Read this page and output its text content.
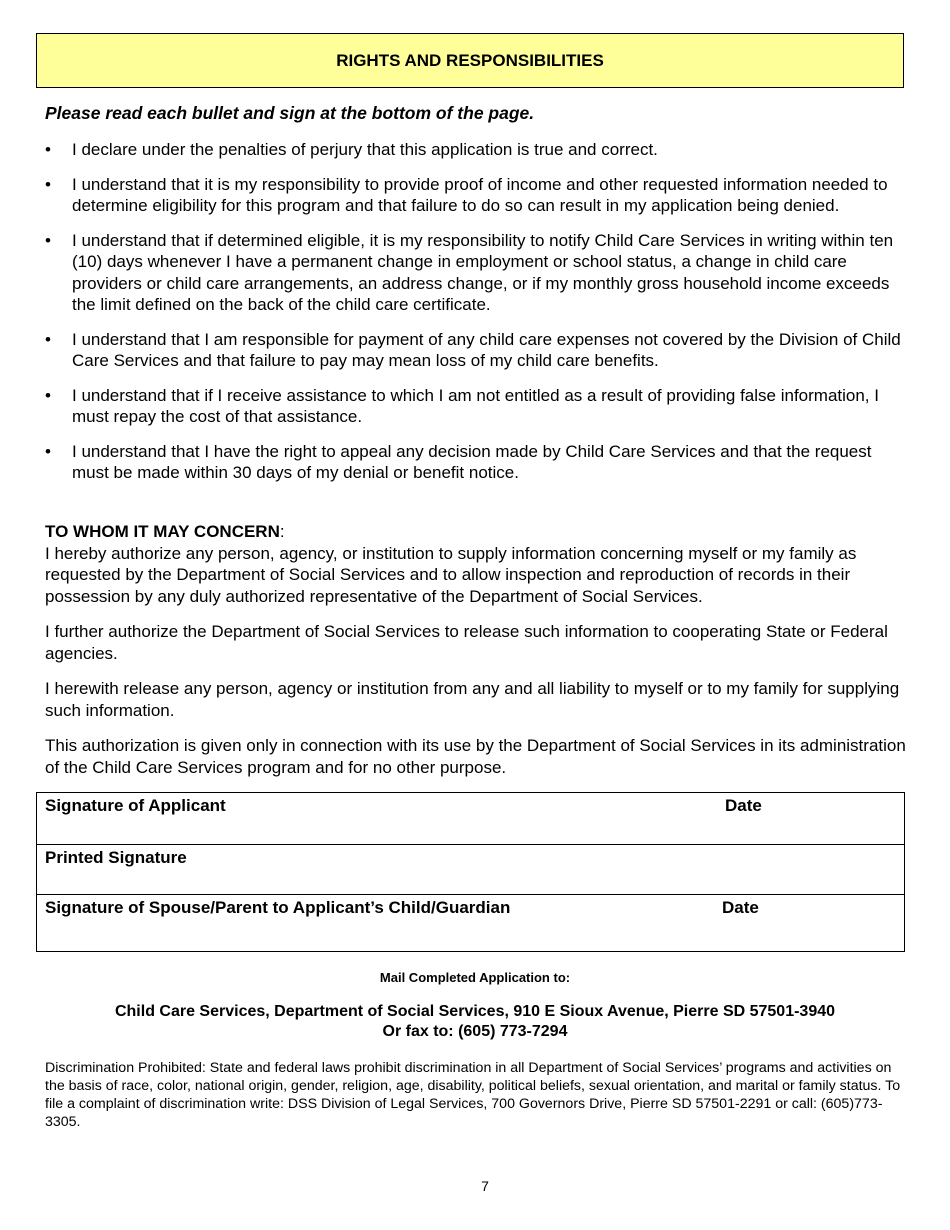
RIGHTS AND RESPONSIBILITIES
Please read each bullet and sign at the bottom of the page.
• I declare under the penalties of perjury that this application is true and correct.
• I understand that it is my responsibility to provide proof of income and other requested information needed to determine eligibility for this program and that failure to do so can result in my application being denied.
• I understand that if determined eligible, it is my responsibility to notify Child Care Services in writing within ten (10) days whenever I have a permanent change in employment or school status, a change in child care providers or child care arrangements, an address change, or if my monthly gross household income exceeds the limit defined on the back of the child care certificate.
• I understand that I am responsible for payment of any child care expenses not covered by the Division of Child Care Services and that failure to pay may mean loss of my child care benefits.
• I understand that if I receive assistance to which I am not entitled as a result of providing false information, I must repay the cost of that assistance.
• I understand that I have the right to appeal any decision made by Child Care Services and that the request must be made within 30 days of my denial or benefit notice.
TO WHOM IT MAY CONCERN:

I hereby authorize any person, agency, or institution to supply information concerning myself or my family as requested by the Department of Social Services and to allow inspection and reproduction of records in their possession by any duly authorized representative of the Department of Social Services.

I further authorize the Department of Social Services to release such information to cooperating State or Federal agencies.

I herewith release any person, agency or institution from any and all liability to myself or to my family for supplying such information.

This authorization is given only in connection with its use by the Department of Social Services in its administration of the Child Care Services program and for no other purpose.

Signature of Applicant	Date
Printed Signature
Signature of Spouse/Parent to Applicant’s Child/Guardian	Date
Mail Completed Application to:
Child Care Services, Department of Social Services, 910 E Sioux Avenue, Pierre SD 57501-3940
Or fax to: (605) 773-7294
Discrimination Prohibited: State and federal laws prohibit discrimination in all Department of Social Services’ programs and activities on the basis of race, color, national origin, gender, religion, age, disability, political beliefs, sexual orientation, and marital or family status. To file a complaint of discrimination write: DSS Division of Legal Services, 700 Governors Drive, Pierre SD 57501-2291 or call: (605)773-3305.
7
